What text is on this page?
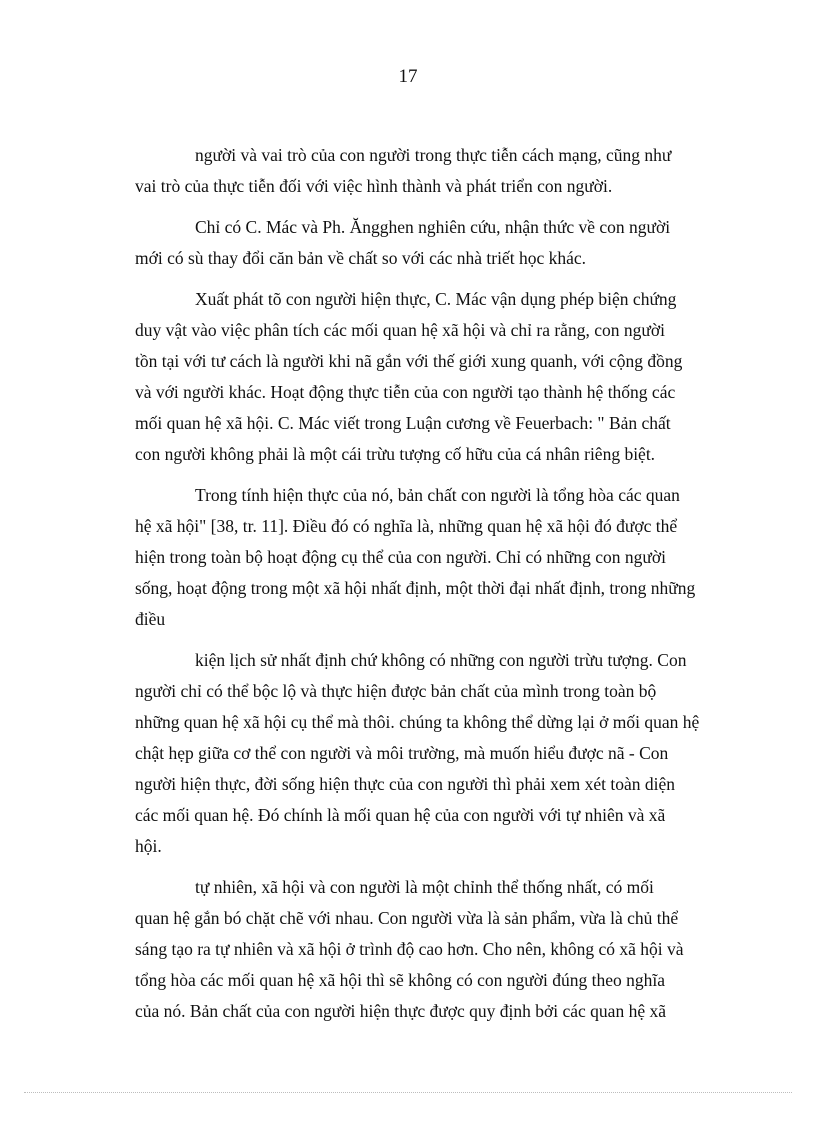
17

người và vai trò của con người trong thực tiễn cách mạng, cũng như
vai trò của thực tiễn đối với việc hình thành và phát triển con người.

Chỉ có C. Mác và Ph. Ăngghen nghiên cứu, nhận thức về con người
mới có sù thay đổi căn bản về chất so với các nhà triết học khác.

Xuất phát tõ con người hiện thực, C. Mác vận dụng phép biện chứng
duy vật vào việc phân tích các mối quan hệ xã hội và chỉ ra rằng, con người
tồn tại với tư cách là người khi nã gắn với thế giới xung quanh, với cộng đồng
và với người khác. Hoạt động thực tiễn của con người tạo thành hệ thống các
mối quan hệ xã hội. C. Mác viết trong Luận cương về Feuerbach: " Bản chất
con người không phải là một cái trừu tượng cố hữu của cá nhân riêng biệt.

Trong tính hiện thực của nó, bản chất con người là tổng hòa các quan
hệ xã hội" [38, tr. 11]. Điều đó có nghĩa là, những quan hệ xã hội đó được thể
hiện trong toàn bộ hoạt động cụ thể của con người. Chỉ có những con người
sống, hoạt động trong một xã hội nhất định, một thời đại nhất định, trong những
điều

kiện lịch sử nhất định chứ không có những con người trừu tượng. Con
người chỉ có thể bộc lộ và thực hiện được bản chất của mình trong toàn bộ
những quan hệ xã hội cụ thể mà thôi. chúng ta không thể dừng lại ở mối quan hệ
chật hẹp giữa cơ thể con người và môi trường, mà muốn hiểu được nã - Con
người hiện thực, đời sống hiện thực của con người thì phải xem xét toàn diện
các mối quan hệ. Đó chính là mối quan hệ của con người với tự nhiên và xã
hội.

tự nhiên, xã hội và con người là một chỉnh thể thống nhất, có mối
quan hệ gắn bó chặt chẽ với nhau. Con người vừa là sản phẩm, vừa là chủ thể
sáng tạo ra tự nhiên và xã hội ở trình độ cao hơn. Cho nên, không có xã hội và
tổng hòa các mối quan hệ xã hội thì sẽ không có con người đúng theo nghĩa
của nó. Bản chất của con người hiện thực được quy định bởi các quan hệ xã
